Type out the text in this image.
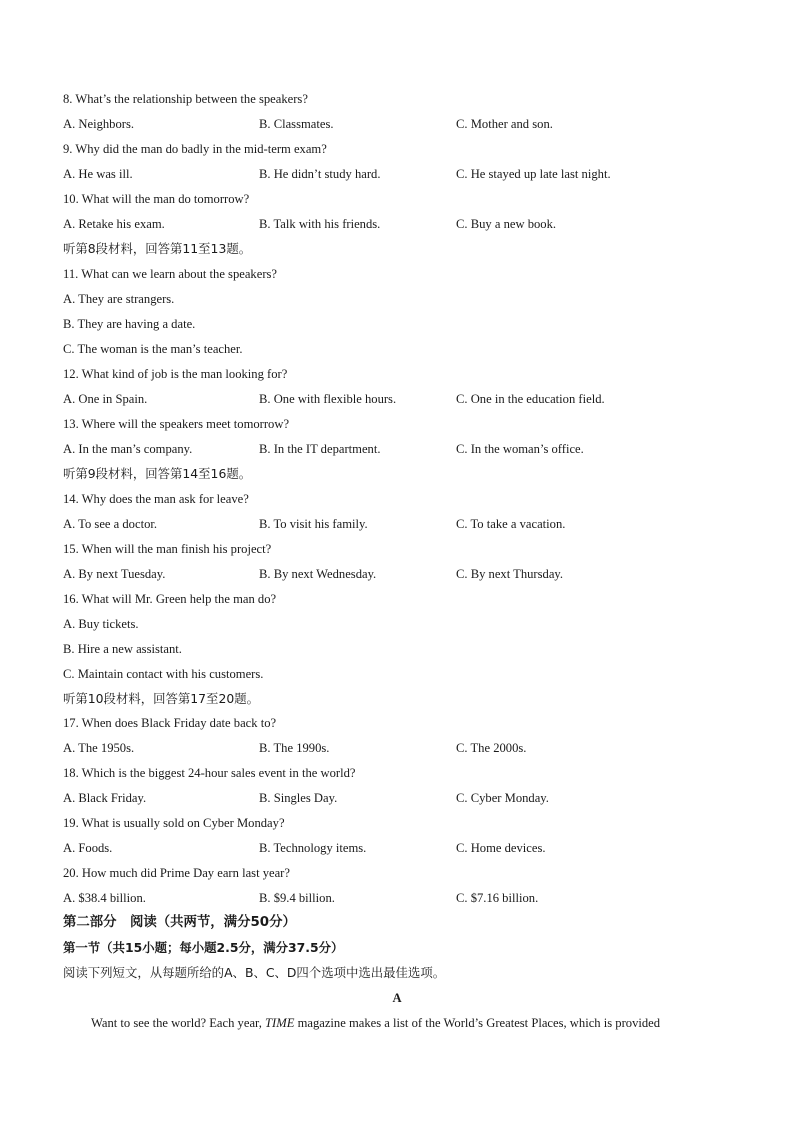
8. What’s the relationship between the speakers?
A. Neighbors.	B. Classmates.	C. Mother and son.
9. Why did the man do badly in the mid-term exam?
A. He was ill.	B. He didn’t study hard.	C. He stayed up late last night.
10. What will the man do tomorrow?
A. Retake his exam.	B. Talk with his friends.	C. Buy a new book.
听第8段材料，回答第11至13题。
11. What can we learn about the speakers?
A. They are strangers.
B. They are having a date.
C. The woman is the man’s teacher.
12. What kind of job is the man looking for?
A. One in Spain.	B. One with flexible hours.	C. One in the education field.
13. Where will the speakers meet tomorrow?
A. In the man’s company.	B. In the IT department.	C. In the woman’s office.
听第9段材料，回答第14至16题。
14. Why does the man ask for leave?
A. To see a doctor.	B. To visit his family.	C. To take a vacation.
15. When will the man finish his project?
A. By next Tuesday.	B. By next Wednesday.	C. By next Thursday.
16. What will Mr. Green help the man do?
A. Buy tickets.
B. Hire a new assistant.
C. Maintain contact with his customers.
听第10段材料，回答第17至20题。
17. When does Black Friday date back to?
A. The 1950s.	B. The 1990s.	C. The 2000s.
18. Which is the biggest 24-hour sales event in the world?
A. Black Friday.	B. Singles Day.	C. Cyber Monday.
19. What is usually sold on Cyber Monday?
A. Foods.	B. Technology items.	C. Home devices.
20. How much did Prime Day earn last year?
A. $38.4 billion.	B. $9.4 billion.	C. $7.16 billion.
第二部分　阅读（共两节，满分50分）
第一节（共15小题；每小题2.5分，满分37.5分）
阅读下列短文，从每题所给的A、B、C、D四个选项中选出最佳选项。
A
Want to see the world? Each year, TIME magazine makes a list of the World’s Greatest Places, which is provided
